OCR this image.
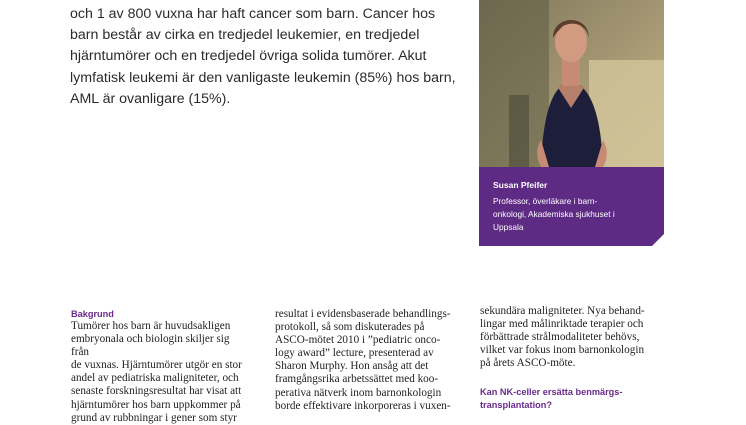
och 1 av 800 vuxna har haft cancer som barn. Cancer hos

barn består av cirka en tredjedel leukemier, en tredjedel

hjärntumörer och en tredjedel övriga solida tumörer. Akut

lymfatisk leukemi är den vanligaste leukemin (85%) hos barn,

AML är ovanligare (15%).

Susan Pfeifer
Professor, överläkare i barn-
onkologi, Akademiska sjukhuset i
Uppsala
Bakgrund

Tumörer hos barn är huvudsakligen

embryonala och biologin skiljer sig från

de vuxnas. Hjärntumörer utgör en stor

andel av pediatriska maligniteter, och

senaste forskningsresultat har visat att

hjärntumörer hos barn uppkommer på

grund av rubbningar i gener som styr

resultat i evidensbaserade behandlings-

protokoll, så som diskuterades på

ASCO-mötet 2010 i ”pediatric onco-

logy award” lecture, presenterad av

Sharon Murphy. Hon ansåg att det

framgångsrika arbetssättet med koo-

perativa nätverk inom barnonkologin

borde effektivare inkorporeras i vuxen-

sekundära maligniteter. Nya behand-

lingar med målinriktade terapier och

förbättrade strålmodaliteter behövs,

vilket var fokus inom barnonkologin

på årets ASCO-möte.

Kan NK-celler ersätta benmärgs-
transplantation?
